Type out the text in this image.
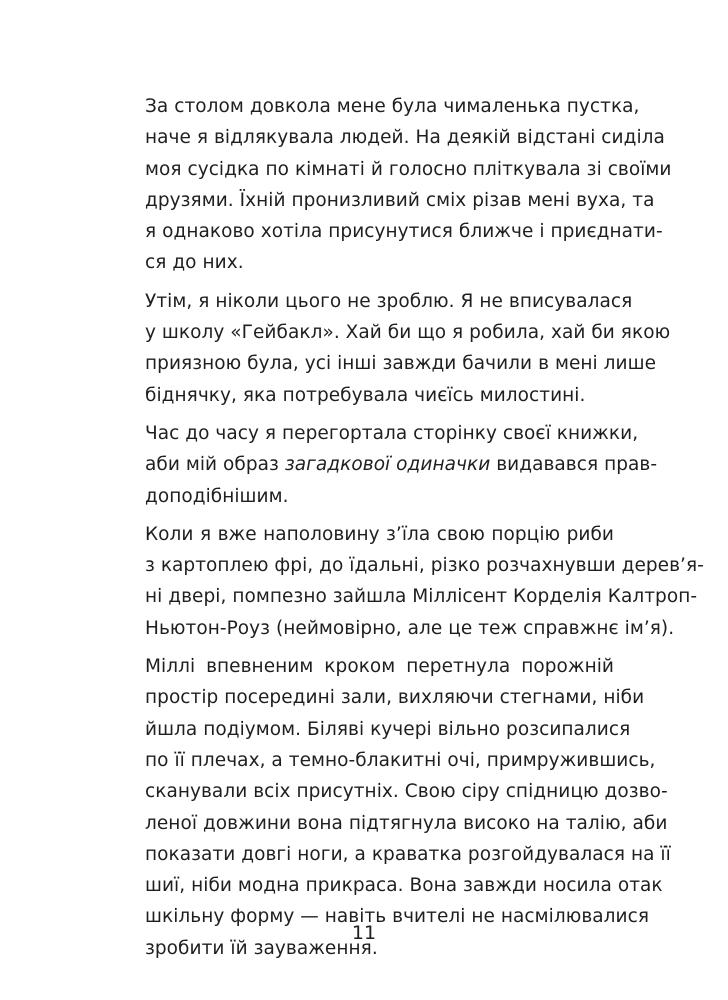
За столом довкола мене була чималенька пустка,
наче я відлякувала людей. На деякій відстані сиділа
моя сусідка по кімнаті й голосно пліткувала зі своїми
друзями. Їхній пронизливий сміх різав мені вуха, та
я однаково хотіла присунутися ближче і приєднати-
ся до них.

Утім, я ніколи цього не зроблю. Я не вписувалася
у школу «Гейбакл». Хай би що я робила, хай би якою
приязною була, усі інші завжди бачили в мені лише
біднячку, яка потребувала чиєїсь милостині.

Час до часу я перегортала сторінку своєї книжки,
аби мій образ загадкової одиначки видавався прав-
доподібнішим.

Коли я вже наполовину з’їла свою порцію риби
з картоплею фрі, до їдальні, різко розчахнувши дерев’я-
ні двері, помпезно зайшла Міллісент Корделія Калтроп-
Ньютон-Роуз (неймовірно, але це теж справжнє ім’я).

Міллі впевненим кроком перетнула порожній
простір посередині зали, вихляючи стегнами, ніби
йшла подіумом. Біляві кучері вільно розсипалися
по її плечах, а темно-блакитні очі, примружившись,
сканували всіх присутніх. Свою сіру спідницю дозво-
леної довжини вона підтягнула високо на талію, аби
показати довгі ноги, а краватка розгойдувалася на її
шиї, ніби модна прикраса. Вона завжди носила отак
шкільну форму — навіть вчителі не насмілювалися
зробити їй зауваження.

11
